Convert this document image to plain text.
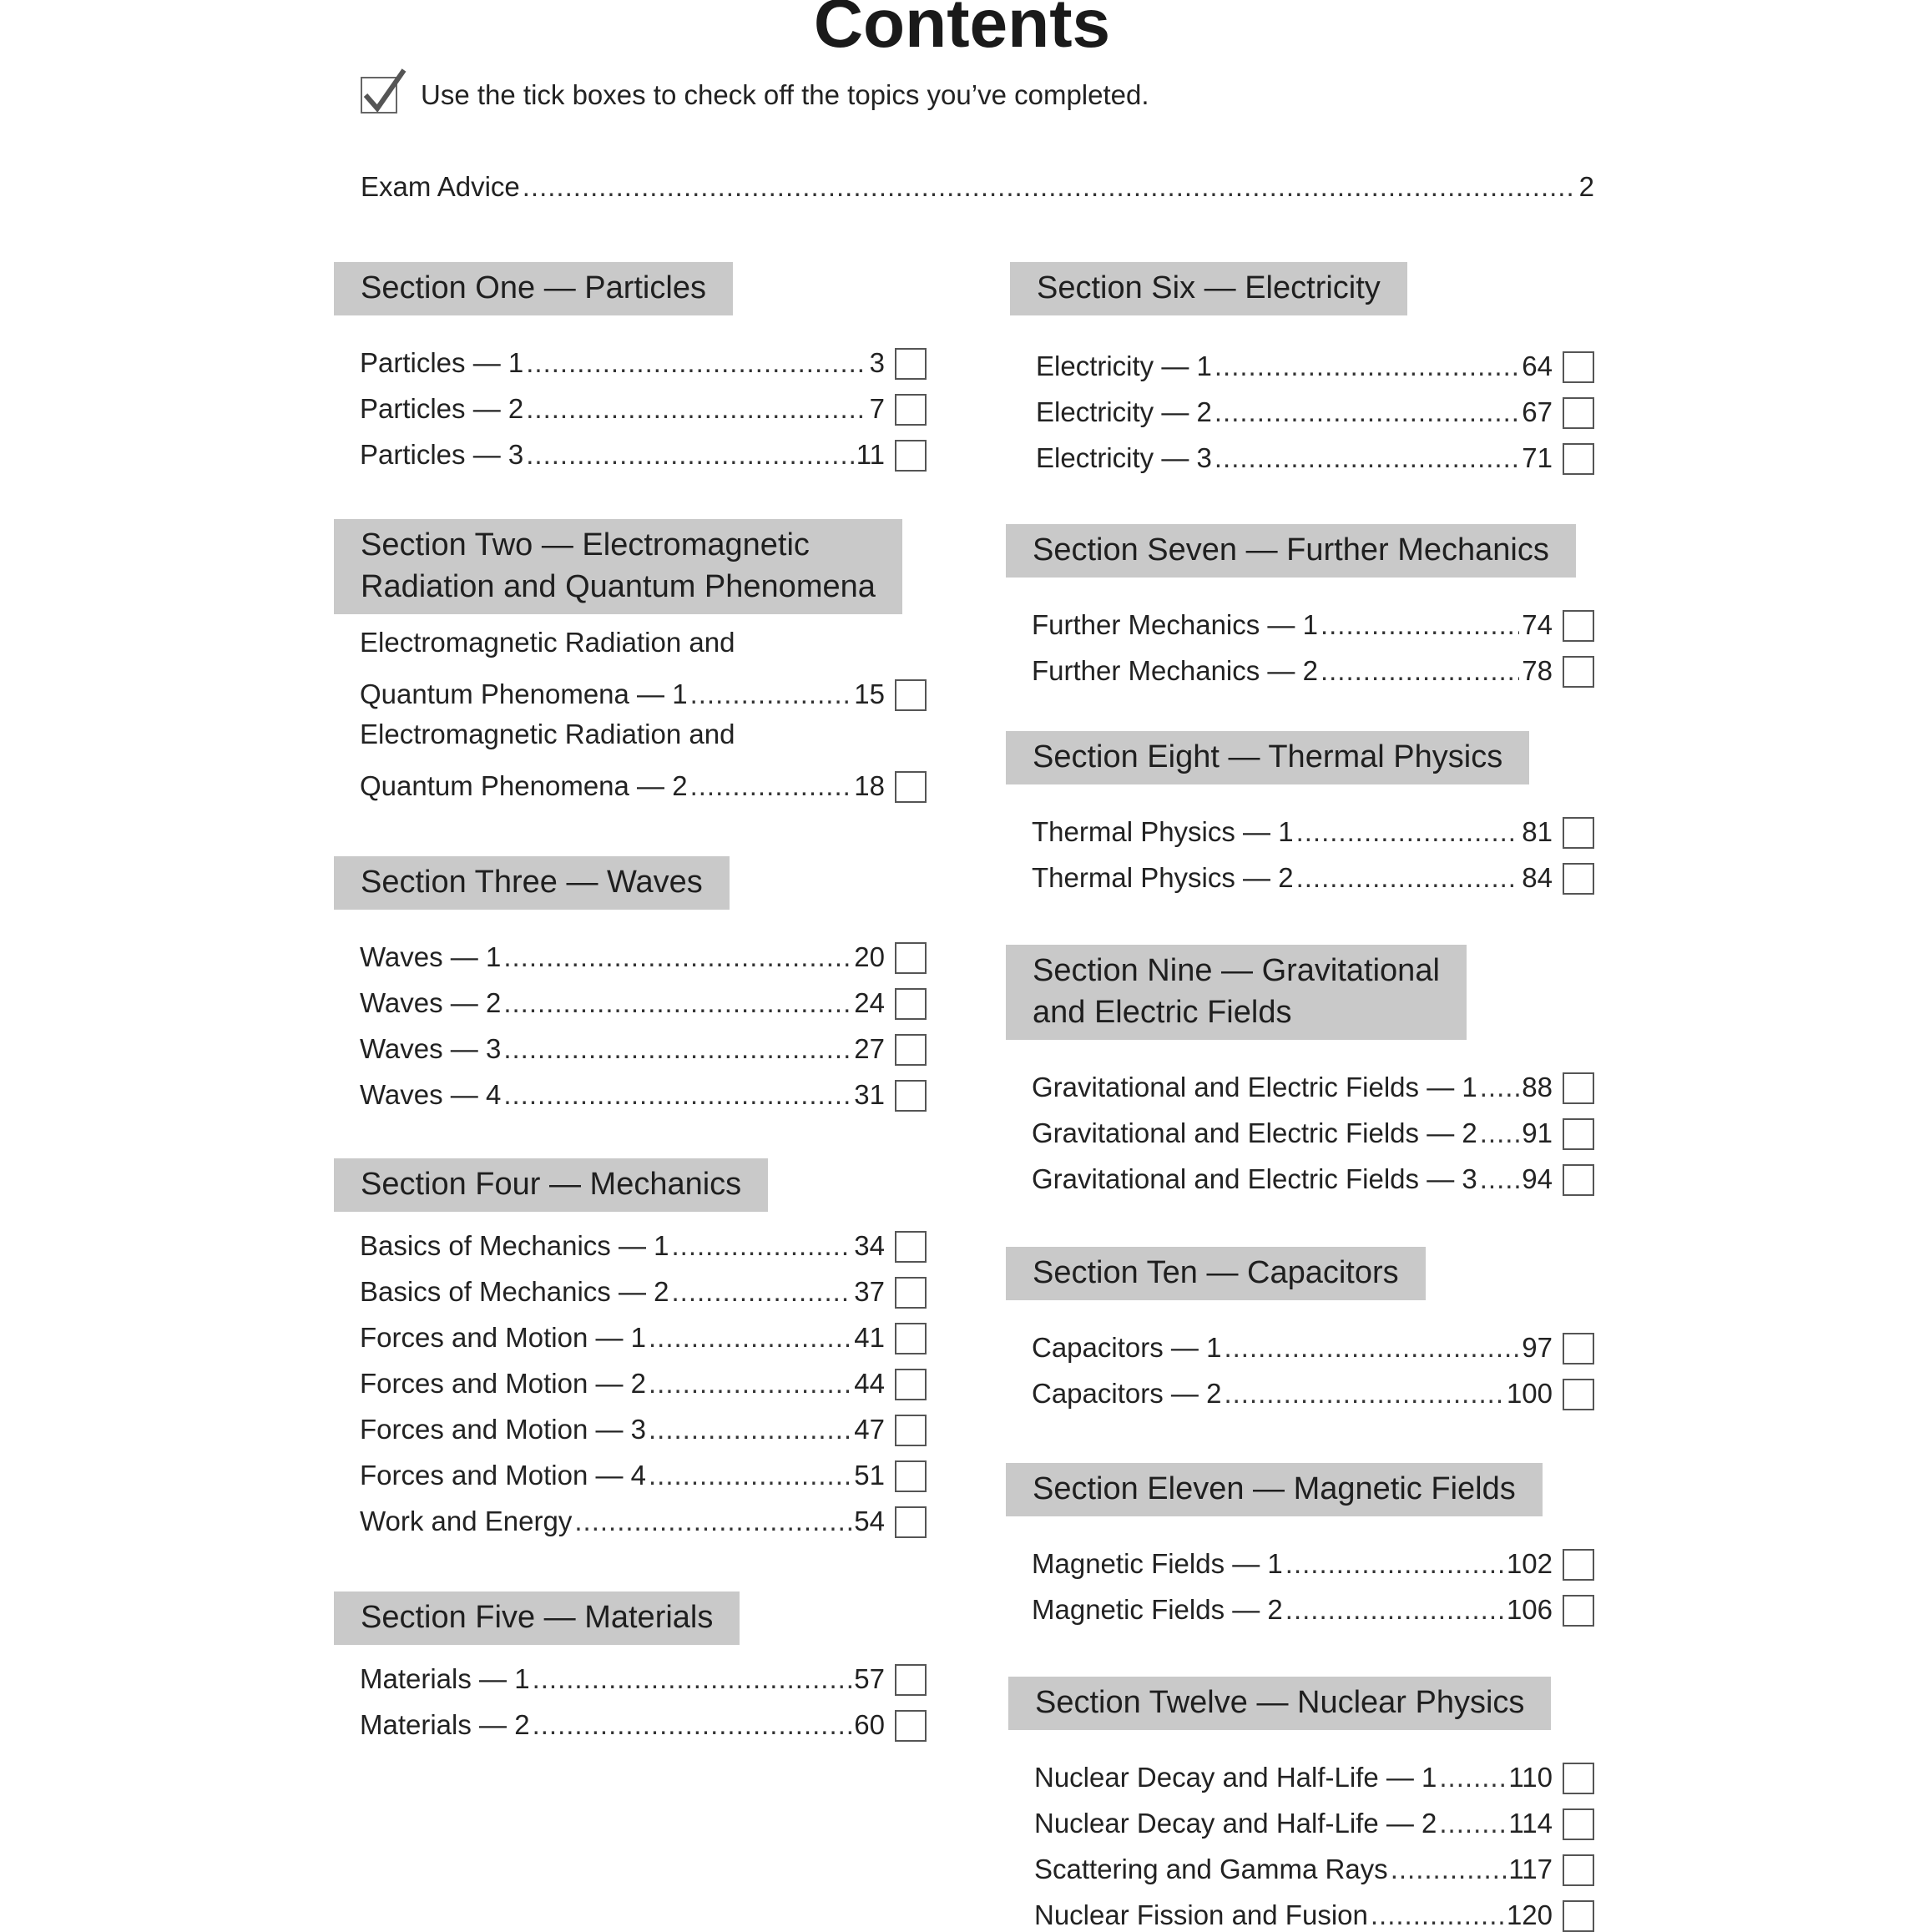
Contents
Use the tick boxes to check off the topics you’ve completed.
Exam Advice .....	2
Section One — Particles
Particles — 1 .....	3
Particles — 2 .....	7
Particles — 3 .....	11
Section Two — Electromagnetic
Radiation and Quantum Phenomena
Electromagnetic Radiation and
Quantum Phenomena — 1 .....	15
Electromagnetic Radiation and
Quantum Phenomena — 2 .....	18
Section Three — Waves
Waves — 1 .....	20
Waves — 2 .....	24
Waves — 3 .....	27
Waves — 4 .....	31
Section Four — Mechanics
Basics of Mechanics — 1 .....	34
Basics of Mechanics — 2 .....	37
Forces and Motion — 1 .....	41
Forces and Motion — 2 .....	44
Forces and Motion — 3 .....	47
Forces and Motion — 4 .....	51
Work and Energy .....	54
Section Five — Materials
Materials — 1 .....	57
Materials — 2 .....	60
Section Six — Electricity
Electricity — 1 .....	64
Electricity — 2 .....	67
Electricity — 3 .....	71
Section Seven — Further Mechanics
Further Mechanics — 1 .....	74
Further Mechanics — 2 .....	78
Section Eight — Thermal Physics
Thermal Physics — 1 .....	81
Thermal Physics — 2 .....	84
Section Nine — Gravitational
and Electric Fields
Gravitational and Electric Fields — 1 ..... 88
Gravitational and Electric Fields — 2 ..... 91
Gravitational and Electric Fields — 3 ..... 94
Section Ten — Capacitors
Capacitors — 1 .....	97
Capacitors — 2 .....	100
Section Eleven — Magnetic Fields
Magnetic Fields — 1 .....	102
Magnetic Fields — 2 .....	106
Section Twelve — Nuclear Physics
Nuclear Decay and Half-Life — 1 .....	110
Nuclear Decay and Half-Life — 2 .....	114
Scattering and Gamma Rays .....	117
Nuclear Fission and Fusion .....	120
